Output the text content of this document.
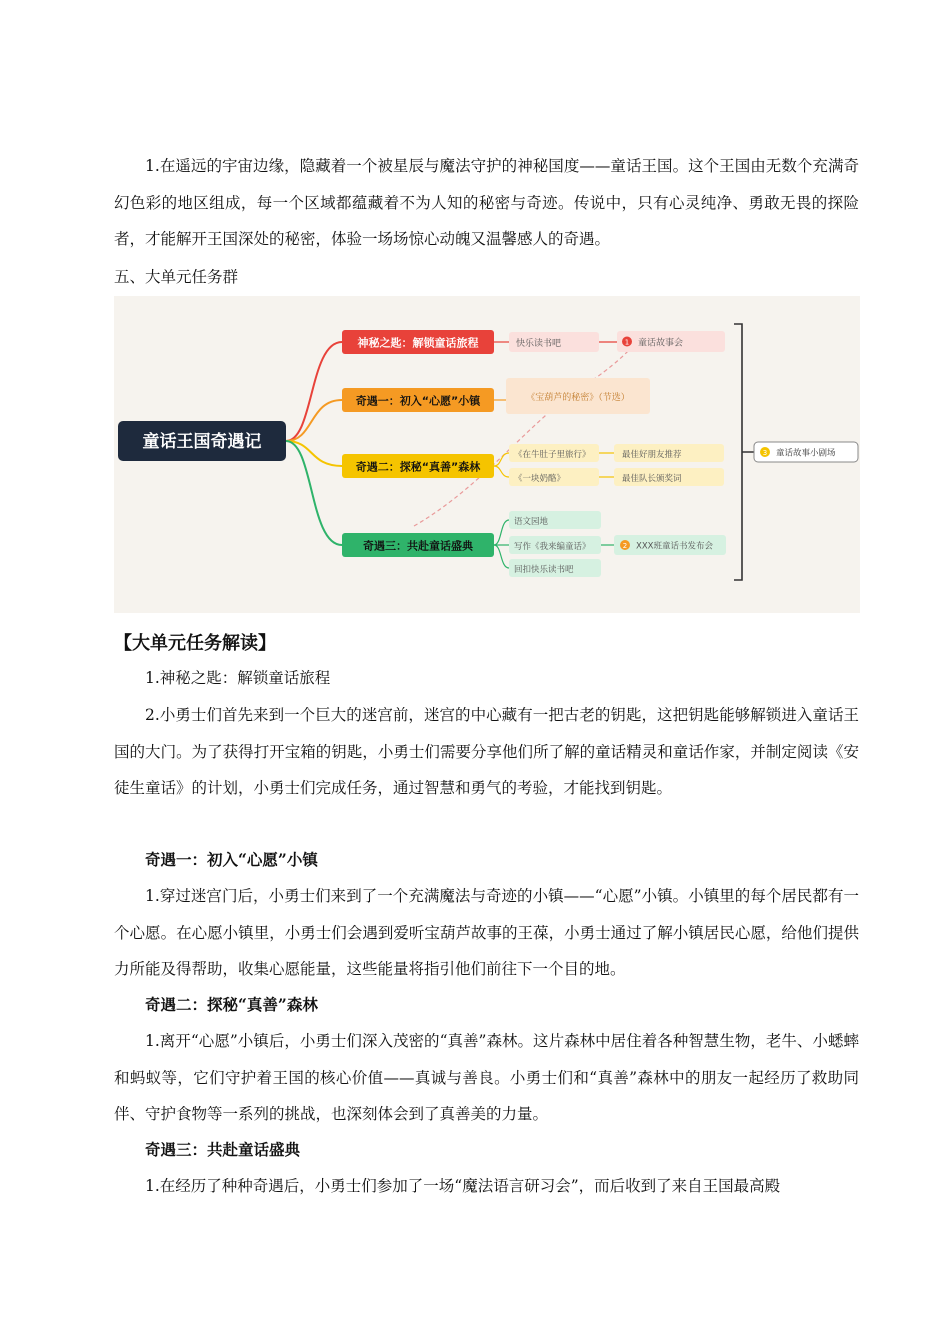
1.在遥远的宇宙边缘，隐藏着一个被星辰与魔法守护的神秘国度——童话王国。这个王国由无数个充满奇幻色彩的地区组成，每一个区域都蕴藏着不为人知的秘密与奇迹。传说中，只有心灵纯净、勇敢无畏的探险者，才能解开王国深处的秘密，体验一场场惊心动魄又温馨感人的奇遇。

五、大单元任务群

童话王国奇遇记
神秘之匙：解锁童话旅程	快乐读书吧	1 童话故事会
奇遇一：初入“心愿”小镇	《宝葫芦的秘密》（节选）
奇遇二：探秘“真善”森林
《在牛肚子里旅行》
《一块奶酪》
最佳好朋友推荐
最佳队长颁奖词
奇遇三：共赴童话盛典
语文园地
写作《我来编童话》
回扣快乐读书吧
2 XXX班童话书发布会
3 童话故事小剧场

【大单元任务解读】

1.神秘之匙：解锁童话旅程

2.小勇士们首先来到一个巨大的迷宫前，迷宫的中心藏有一把古老的钥匙，这把钥匙能够解锁进入童话王国的大门。为了获得打开宝箱的钥匙，小勇士们需要分享他们所了解的童话精灵和童话作家，并制定阅读《安徒生童话》的计划，小勇士们完成任务，通过智慧和勇气的考验，才能找到钥匙。

奇遇一：初入“心愿”小镇

1.穿过迷宫门后，小勇士们来到了一个充满魔法与奇迹的小镇——“心愿”小镇。小镇里的每个居民都有一个心愿。在心愿小镇里，小勇士们会遇到爱听宝葫芦故事的王葆，小勇士通过了解小镇居民心愿，给他们提供力所能及得帮助，收集心愿能量，这些能量将指引他们前往下一个目的地。

奇遇二：探秘“真善”森林

1.离开“心愿”小镇后，小勇士们深入茂密的“真善”森林。这片森林中居住着各种智慧生物，老牛、小蟋蟀和蚂蚁等，它们守护着王国的核心价值——真诚与善良。小勇士们和“真善”森林中的朋友一起经历了救助同伴、守护食物等一系列的挑战，也深刻体会到了真善美的力量。

奇遇三：共赴童话盛典

1.在经历了种种奇遇后，小勇士们参加了一场“魔法语言研习会”，而后收到了来自王国最高殿
